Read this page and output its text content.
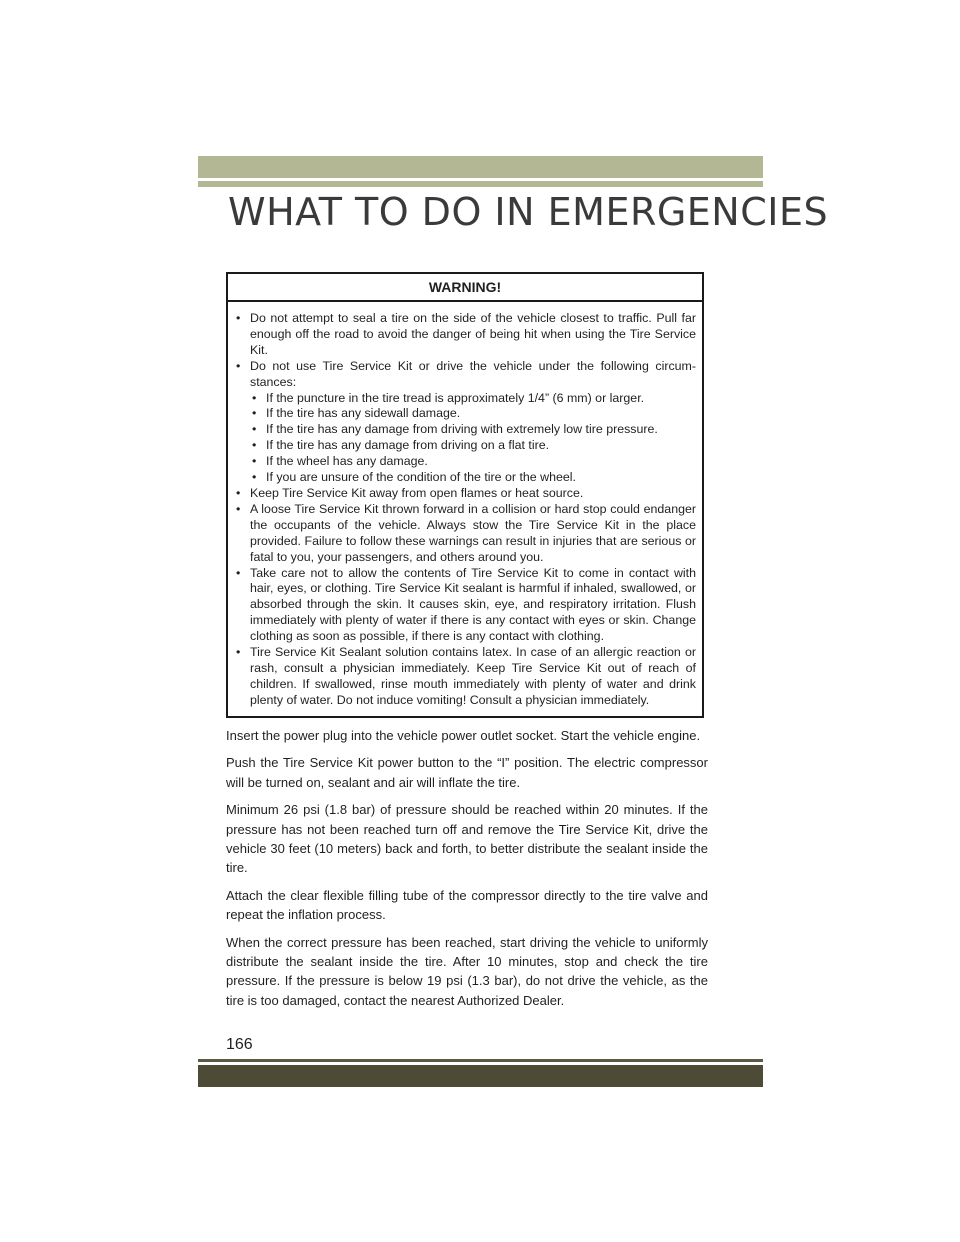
WHAT TO DO IN EMERGENCIES
WARNING!
• Do not attempt to seal a tire on the side of the vehicle closest to traffic. Pull far enough off the road to avoid the danger of being hit when using the Tire Service Kit.
• Do not use Tire Service Kit or drive the vehicle under the following circum- stances:
• If the puncture in the tire tread is approximately 1/4” (6 mm) or larger.
• If the tire has any sidewall damage.
• If the tire has any damage from driving with extremely low tire pressure.
• If the tire has any damage from driving on a flat tire.
• If the wheel has any damage.
• If you are unsure of the condition of the tire or the wheel.
• Keep Tire Service Kit away from open flames or heat source.
• A loose Tire Service Kit thrown forward in a collision or hard stop could endanger the occupants of the vehicle. Always stow the Tire Service Kit in the place provided. Failure to follow these warnings can result in injuries that are serious or fatal to you, your passengers, and others around you.
• Take care not to allow the contents of Tire Service Kit to come in contact with hair, eyes, or clothing. Tire Service Kit sealant is harmful if inhaled, swallowed, or absorbed through the skin. It causes skin, eye, and respiratory irritation. Flush immediately with plenty of water if there is any contact with eyes or skin. Change clothing as soon as possible, if there is any contact with clothing.
• Tire Service Kit Sealant solution contains latex. In case of an allergic reaction or rash, consult a physician immediately. Keep Tire Service Kit out of reach of children. If swallowed, rinse mouth immediately with plenty of water and drink plenty of water. Do not induce vomiting! Consult a physician immediately.

Insert the power plug into the vehicle power outlet socket. Start the vehicle engine.

Push the Tire Service Kit power button to the “I” position. The electric compressor will be turned on, sealant and air will inflate the tire.

Minimum 26 psi (1.8 bar) of pressure should be reached within 20 minutes. If the pressure has not been reached turn off and remove the Tire Service Kit, drive the vehicle 30 feet (10 meters) back and forth, to better distribute the sealant inside the tire.

Attach the clear flexible filling tube of the compressor directly to the tire valve and repeat the inflation process.

When the correct pressure has been reached, start driving the vehicle to uniformly distribute the sealant inside the tire. After 10 minutes, stop and check the tire pressure. If the pressure is below 19 psi (1.3 bar), do not drive the vehicle, as the tire is too damaged, contact the nearest Authorized Dealer.

166
